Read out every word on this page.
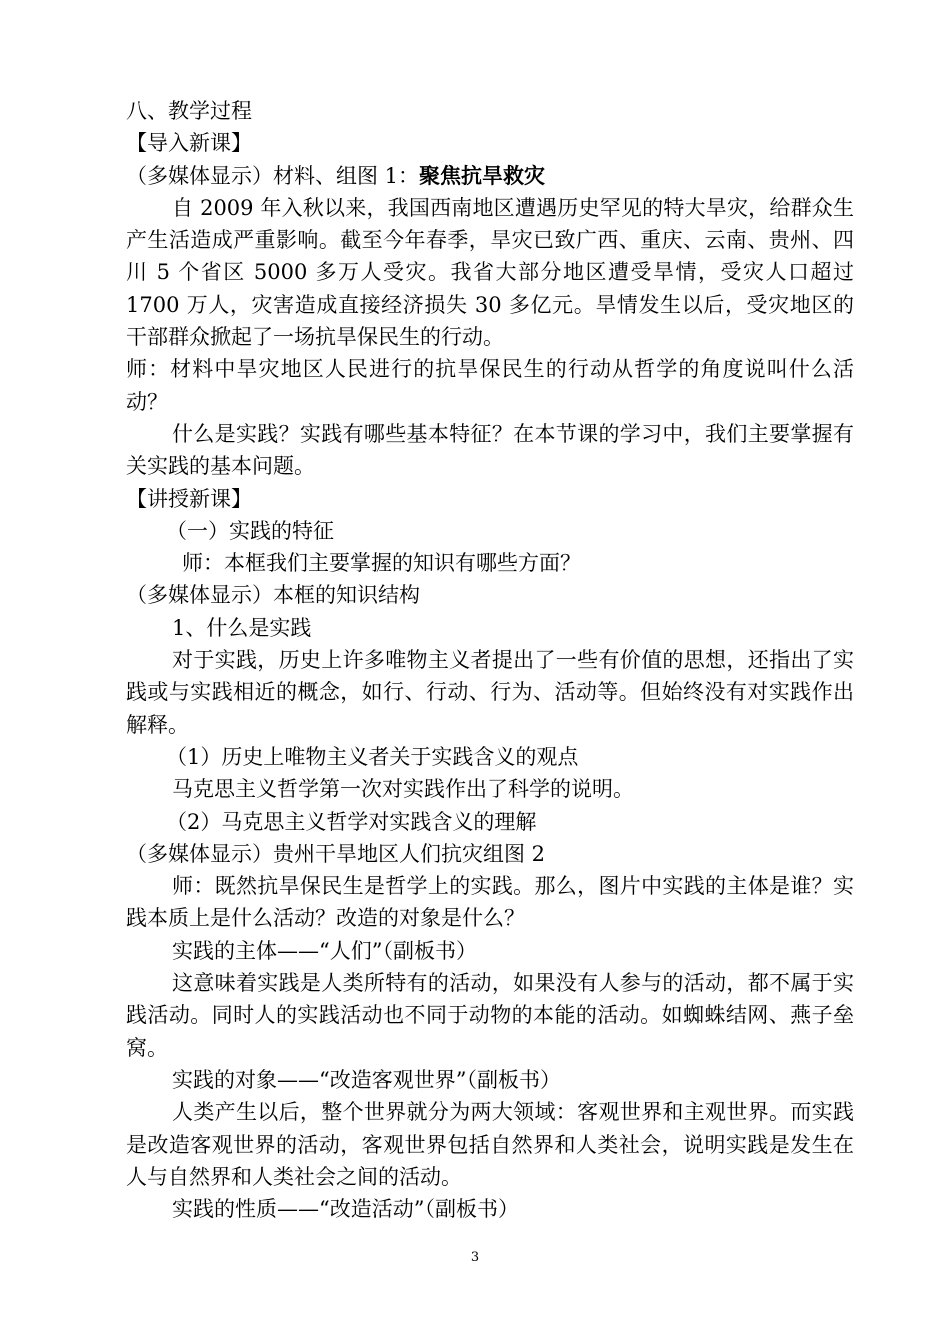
八、教学过程
【导入新课】
（多媒体显示）材料、组图 1：聚焦抗旱救灾

自 2009 年入秋以来，我国西南地区遭遇历史罕见的特大旱灾，给群众生产生活造成严重影响。截至今年春季，旱灾已致广西、重庆、云南、贵州、四川 5 个省区 5000 多万人受灾。我省大部分地区遭受旱情，受灾人口超过 1700 万人，灾害造成直接经济损失 30 多亿元。旱情发生以后，受灾地区的干部群众掀起了一场抗旱保民生的行动。

师：材料中旱灾地区人民进行的抗旱保民生的行动从哲学的角度说叫什么活动？

什么是实践？实践有哪些基本特征？在本节课的学习中，我们主要掌握有关实践的基本问题。

【讲授新课】
（一）实践的特征
师：本框我们主要掌握的知识有哪些方面？
（多媒体显示）本框的知识结构
1、什么是实践

对于实践，历史上许多唯物主义者提出了一些有价值的思想，还指出了实践或与实践相近的概念，如行、行动、行为、活动等。但始终没有对实践作出解释。

（1）历史上唯物主义者关于实践含义的观点
马克思主义哲学第一次对实践作出了科学的说明。
（2）马克思主义哲学对实践含义的理解
（多媒体显示）贵州干旱地区人们抗灾组图 2

师：既然抗旱保民生是哲学上的实践。那么，图片中实践的主体是谁？实践本质上是什么活动？改造的对象是什么？

实践的主体——“人们”（副板书）

这意味着实践是人类所特有的活动，如果没有人参与的活动，都不属于实践活动。同时人的实践活动也不同于动物的本能的活动。如蜘蛛结网、燕子垒窝。

实践的对象——“改造客观世界”（副板书）

人类产生以后，整个世界就分为两大领域：客观世界和主观世界。而实践是改造客观世界的活动，客观世界包括自然界和人类社会，说明实践是发生在人与自然界和人类社会之间的活动。

实践的性质——“改造活动”（副板书）
3
